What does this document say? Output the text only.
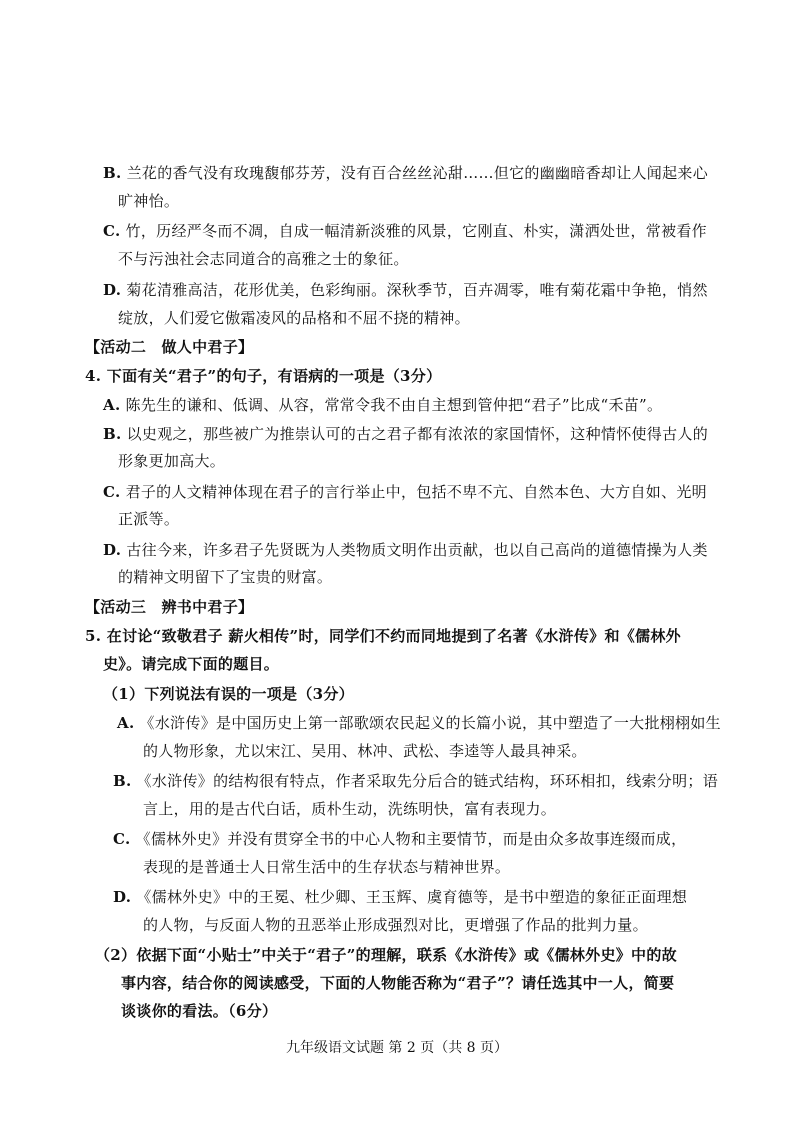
B. 兰花的香气没有玫瑰馥郁芬芳，没有百合丝丝沁甜……但它的幽幽暗香却让人闻起来心
旷神怡。
C. 竹，历经严冬而不凋，自成一幅清新淡雅的风景，它刚直、朴实，潇洒处世，常被看作
不与污浊社会志同道合的高雅之士的象征。
D. 菊花清雅高洁，花形优美，色彩绚丽。深秋季节，百卉凋零，唯有菊花霜中争艳，悄然
绽放，人们爱它傲霜凌风的品格和不屈不挠的精神。
【活动二　做人中君子】
4. 下面有关“君子”的句子，有语病的一项是（3分）
A. 陈先生的谦和、低调、从容，常常令我不由自主想到管仲把“君子”比成“禾苗”。
B. 以史观之，那些被广为推崇认可的古之君子都有浓浓的家国情怀，这种情怀使得古人的
形象更加高大。
C. 君子的人文精神体现在君子的言行举止中，包括不卑不亢、自然本色、大方自如、光明
正派等。
D. 古往今来，许多君子先贤既为人类物质文明作出贡献，也以自己高尚的道德情操为人类
的精神文明留下了宝贵的财富。
【活动三　辨书中君子】
5. 在讨论“致敬君子 薪火相传”时，同学们不约而同地提到了名著《水浒传》和《儒林外
史》。请完成下面的题目。
（1）下列说法有误的一项是（3分）
A. 《水浒传》是中国历史上第一部歌颂农民起义的长篇小说，其中塑造了一大批栩栩如生
的人物形象，尤以宋江、吴用、林冲、武松、李逵等人最具神采。
B. 《水浒传》的结构很有特点，作者采取先分后合的链式结构，环环相扣，线索分明；语
言上，用的是古代白话，质朴生动，洗练明快，富有表现力。
C. 《儒林外史》并没有贯穿全书的中心人物和主要情节，而是由众多故事连缀而成，
表现的是普通士人日常生活中的生存状态与精神世界。
D. 《儒林外史》中的王冕、杜少卿、王玉辉、虞育德等，是书中塑造的象征正面理想
的人物，与反面人物的丑恶举止形成强烈对比，更增强了作品的批判力量。
（2）依据下面“小贴士”中关于“君子”的理解，联系《水浒传》或《儒林外史》中的故
事内容，结合你的阅读感受，下面的人物能否称为“君子”？请任选其中一人，简要
谈谈你的看法。（6分）
九年级语文试题 第 2 页（共 8 页）
